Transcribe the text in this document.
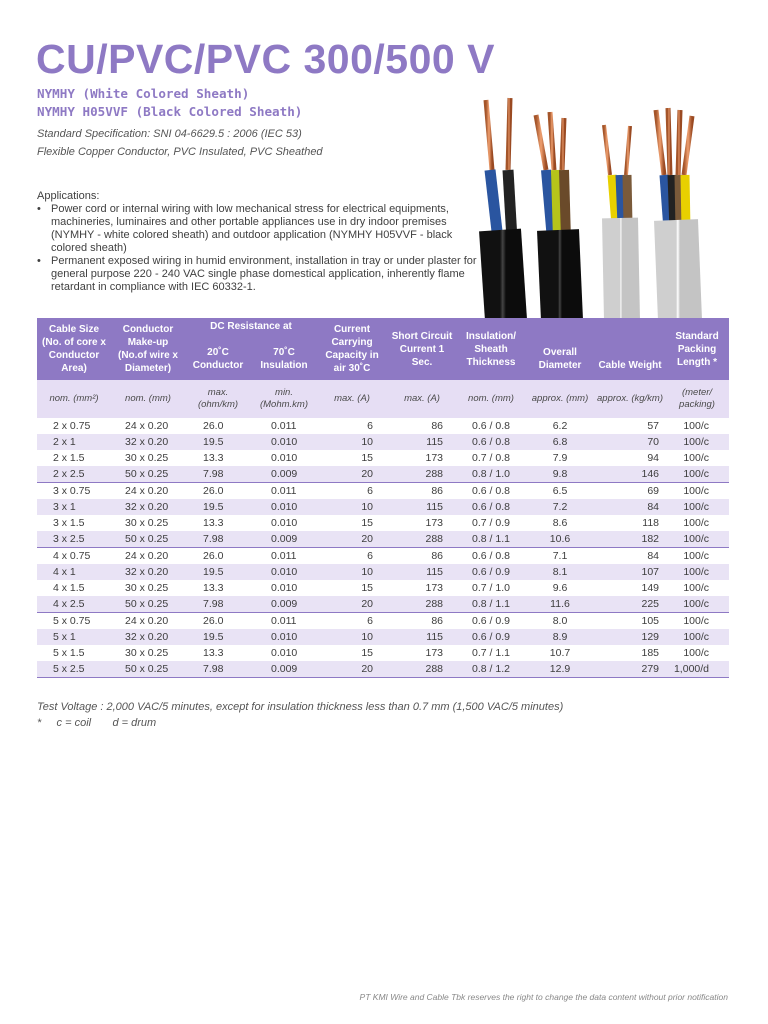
CU/PVC/PVC 300/500 V
NYMHY (White Colored Sheath)
NYMHY H05VVF (Black Colored Sheath)
Standard Specification: SNI 04-6629.5 : 2006 (IEC 53)
Flexible Copper Conductor, PVC Insulated, PVC Sheathed
Applications:
• Power cord or internal wiring with low mechanical stress for electrical equipments, machineries, luminaires and other portable appliances use in dry indoor premises (NYMHY - white colored sheath) and outdoor application (NYMHY H05VVF - black colored sheath)
• Permanent exposed wiring in humid environment, installation in tray or under plaster for general purpose 220 - 240 VAC single phase domestical application, inherently flame retardant in compliance with IEC 60332-1.
Cable Size (No. of core x Conductor Area)	Conductor Make-up (No.of wire x Diameter)	DC Resistance at		Current Carrying Capacity in air 30˚C	Short Circuit Current 1 Sec.	Insulation/ Sheath Thickness	Overall Diameter	Cable Weight	Standard Packing Length *
		20˚C Conductor	70˚C Insulation						
nom. (mm²)	nom. (mm)	max. (ohm/km)	min. (Mohm.km)	max. (A)	max. (A)	nom. (mm)	approx. (mm)	approx. (kg/km)	(meter/ packing)
2 x 0.75	24 x 0.20	26.0	0.011	6	86	0.6 / 0.8	6.2	57	100/c
2 x 1	32 x 0.20	19.5	0.010	10	115	0.6 / 0.8	6.8	70	100/c
2 x 1.5	30 x 0.25	13.3	0.010	15	173	0.7 / 0.8	7.9	94	100/c
2 x 2.5	50 x 0.25	7.98	0.009	20	288	0.8 / 1.0	9.8	146	100/c
3 x 0.75	24 x 0.20	26.0	0.011	6	86	0.6 / 0.8	6.5	69	100/c
3 x 1	32 x 0.20	19.5	0.010	10	115	0.6 / 0.8	7.2	84	100/c
3 x 1.5	30 x 0.25	13.3	0.010	15	173	0.7 / 0.9	8.6	118	100/c
3 x 2.5	50 x 0.25	7.98	0.009	20	288	0.8 / 1.1	10.6	182	100/c
4 x 0.75	24 x 0.20	26.0	0.011	6	86	0.6 / 0.8	7.1	84	100/c
4 x 1	32 x 0.20	19.5	0.010	10	115	0.6 / 0.9	8.1	107	100/c
4 x 1.5	30 x 0.25	13.3	0.010	15	173	0.7 / 1.0	9.6	149	100/c
4 x 2.5	50 x 0.25	7.98	0.009	20	288	0.8 / 1.1	11.6	225	100/c
5 x 0.75	24 x 0.20	26.0	0.011	6	86	0.6 / 0.9	8.0	105	100/c
5 x 1	32 x 0.20	19.5	0.010	10	115	0.6 / 0.9	8.9	129	100/c
5 x 1.5	30 x 0.25	13.3	0.010	15	173	0.7 / 1.1	10.7	185	100/c
5 x 2.5	50 x 0.25	7.98	0.009	20	288	0.8 / 1.2	12.9	279	1,000/d
Test Voltage : 2,000 VAC/5 minutes, except for insulation thickness less than 0.7 mm (1,500 VAC/5 minutes)
*     c = coil       d = drum
PT KMI Wire and Cable Tbk reserves the right to change the data content without prior notification
